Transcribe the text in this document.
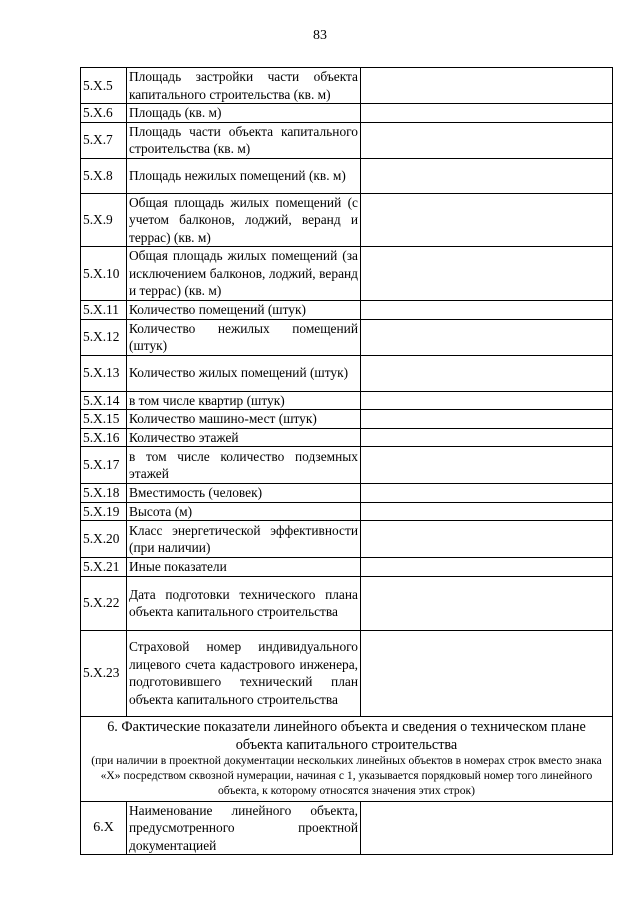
83
5.X.5	Площадь застройки части объекта капитального строительства (кв. м)	
5.X.6	Площадь (кв. м)	
5.X.7	Площадь части объекта капитального строительства (кв. м)	
5.X.8	Площадь нежилых помещений (кв. м)	
5.X.9	Общая площадь жилых помещений (с учетом балконов, лоджий, веранд и террас) (кв. м)	
5.X.10	Общая площадь жилых помещений (за исключением балконов, лоджий, веранд и террас) (кв. м)	
5.X.11	Количество помещений (штук)	
5.X.12	Количество нежилых помещений (штук)	
5.X.13	Количество жилых помещений (штук)	
5.X.14	в том числе квартир (штук)	
5.X.15	Количество машино-мест (штук)	
5.X.16	Количество этажей	
5.X.17	в том числе количество подземных этажей	
5.X.18	Вместимость (человек)	
5.X.19	Высота (м)	
5.X.20	Класс энергетической эффективности (при наличии)	
5.X.21	Иные показатели	
5.X.22	Дата подготовки технического плана объекта капитального строительства	
5.X.23	Страховой номер индивидуального лицевого счета кадастрового инженера, подготовившего технический план объекта капитального строительства	

6. Фактические показатели линейного объекта и сведения о техническом плане объекта капитального строительства
(при наличии в проектной документации нескольких линейных объектов в номерах строк вместо знака «X» посредством сквозной нумерации, начиная с 1, указывается порядковый номер того линейного объекта, к которому относятся значения этих строк)		

6.X	Наименование линейного объекта, предусмотренного проектной документацией	
